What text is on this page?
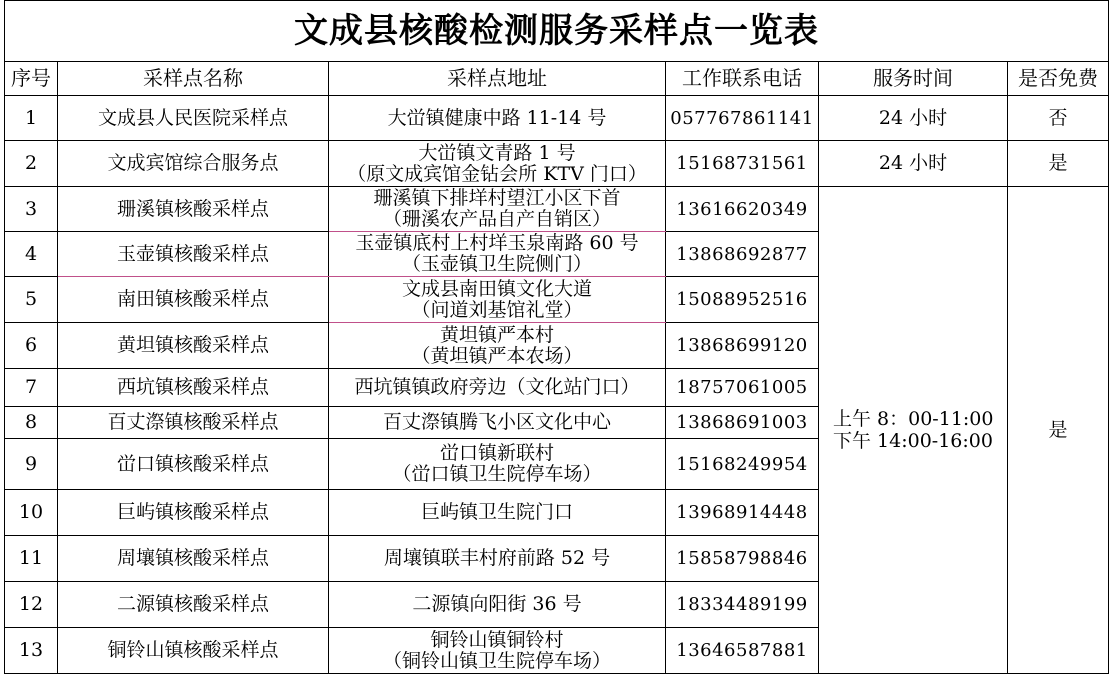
文成县核酸检测服务采样点一览表					
序号	采样点名称	采样点地址	工作联系电话	服务时间	是否免费
1	文成县人民医院采样点	大峃镇健康中路 11-14 号	057767861141	24 小时	否
2	文成宾馆综合服务点	大峃镇文青路 1 号
（原文成宾馆金钻会所 KTV 门口）	15168731561	24 小时	是
3	珊溪镇核酸采样点	珊溪镇下排垟村望江小区下首
（珊溪农产品自产自销区）	13616620349	上午 8：00-11:00
下午 14:00-16:00	是
4	玉壶镇核酸采样点	玉壶镇底村上村垟玉泉南路 60 号
（玉壶镇卫生院侧门）	13868692877		
5	南田镇核酸采样点	文成县南田镇文化大道
（问道刘基馆礼堂）	15088952516		
6	黄坦镇核酸采样点	黄坦镇严本村
（黄坦镇严本农场）	13868699120		
7	西坑镇核酸采样点	西坑镇镇政府旁边（文化站门口）	18757061005		
8	百丈漈镇核酸采样点	百丈漈镇腾飞小区文化中心	13868691003		
9	峃口镇核酸采样点	峃口镇新联村
（峃口镇卫生院停车场）	15168249954		
10	巨屿镇核酸采样点	巨屿镇卫生院门口	13968914448		
11	周壤镇核酸采样点	周壤镇联丰村府前路 52 号	15858798846		
12	二源镇核酸采样点	二源镇向阳街 36 号	18334489199		
13	铜铃山镇核酸采样点	铜铃山镇铜铃村
（铜铃山镇卫生院停车场）	13646587881		
